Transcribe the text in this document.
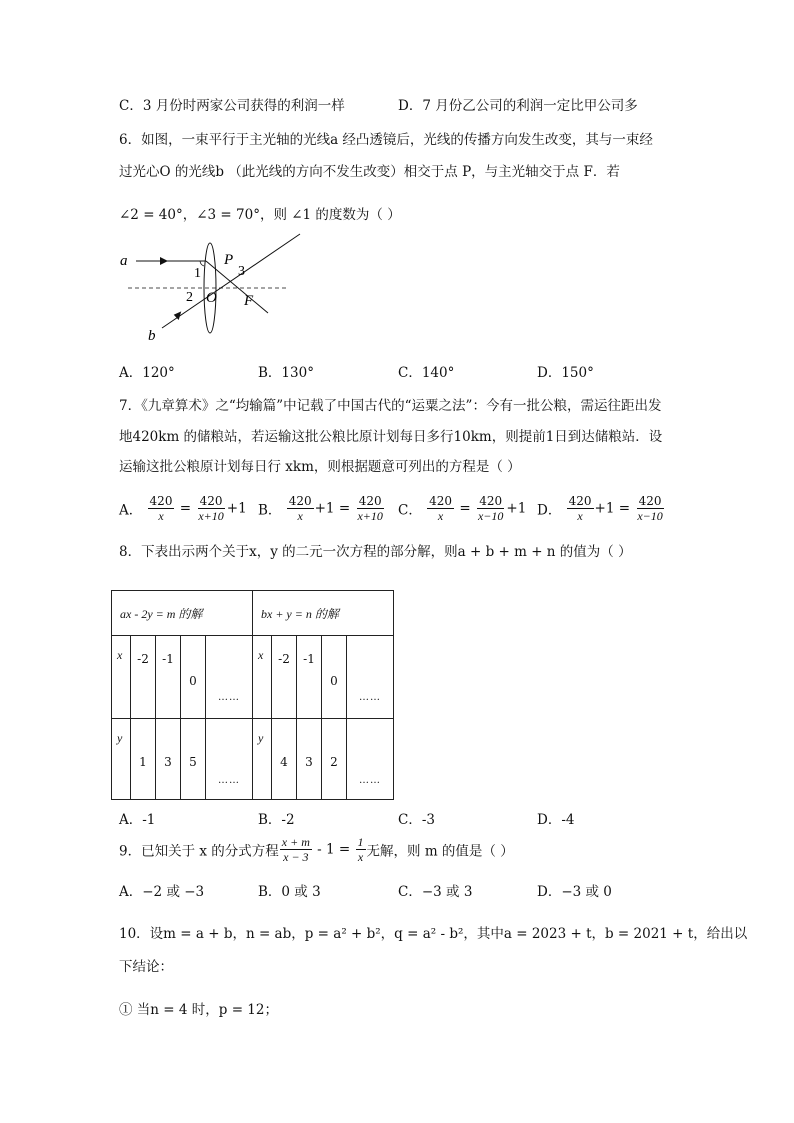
C．3 月份时两家公司获得的利润一样	D．7 月份乙公司的利润一定比甲公司多
6．如图，一束平行于主光轴的光线a 经凸透镜后，光线的传播方向发生改变，其与一束经
过光心O 的光线b （此光线的方向不发生改变）相交于点 P，与主光轴交于点 F．若
∠2 = 40°，∠3 = 70°，则 ∠1 的度数为（ ）
a
1
2
3
P
O F
b
A．120°	B．130°	C．140°	D．150°
7．《九章算术》之“均输篇”中记载了中国古代的“运粟之法”：今有一批公粮，需运往距出发
地420km 的储粮站，若运输这批公粮比原计划每日多行10km，则提前1日到达储粮站．设
运输这批公粮原计划每日行 xkm，则根据题意可列出的方程是（ ）
A． $\frac{420}{x} = \frac{420}{x+10} +1$ B． $\frac{420}{x} +1 = \frac{420}{x+10}$ C． $\frac{420}{x} = \frac{420}{x-10} +1$ D． $\frac{420}{x} +1 = \frac{420}{x-10}$
8．下表出示两个关于x，y 的二元一次方程的部分解，则a + b + m + n 的值为（ ）
ax - 2y = m 的解					bx + y = n 的解				

x	-2	-1	0	……	x	-2	-1	0	……

y	1	3	5	……	y	4	3	2	……
A．-1	B．-2	C．-3	D．-4
9．已知关于 x 的分式方程 $\frac{x + m}{x - 3} - 1 = \frac{1}{x}$ 无解，则 m 的值是（ ）
A．−2 或 −3	B．0 或 3	C．−3 或 3	D．−3 或 0
10．设m = a + b，n = ab，p = a² + b²，q = a² - b²，其中a = 2023 + t，b = 2021 + t，给出以
下结论：
① 当n = 4 时，p = 12；
